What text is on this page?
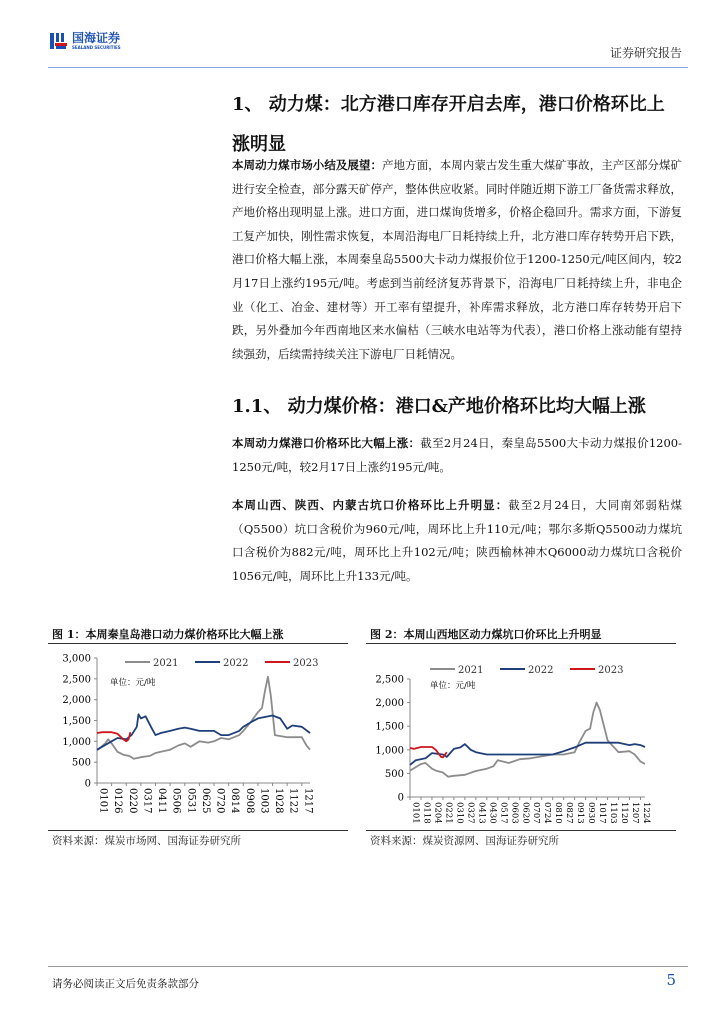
国海证券
SEALAND SECURITIES	证券研究报告
1、 动力煤：北方港口库存开启去库，港口价格环比上涨明显
本周动力煤市场小结及展望：产地方面，本周内蒙古发生重大煤矿事故，主产区部分煤矿进行安全检查，部分露天矿停产，整体供应收紧。同时伴随近期下游工厂备货需求释放，产地价格出现明显上涨。进口方面，进口煤询货增多，价格企稳回升。需求方面，下游复工复产加快，刚性需求恢复，本周沿海电厂日耗持续上升，北方港口库存转势开启下跌，港口价格大幅上涨，本周秦皇岛5500大卡动力煤报价位于1200-1250元/吨区间内，较2月17日上涨约195元/吨。考虑到当前经济复苏背景下，沿海电厂日耗持续上升，非电企业（化工、冶金、建材等）开工率有望提升，补库需求释放，北方港口库存转势开启下跌，另外叠加今年西南地区来水偏枯（三峡水电站等为代表），港口价格上涨动能有望持续强劲，后续需持续关注下游电厂日耗情况。
1.1、 动力煤价格：港口&产地价格环比均大幅上涨
本周动力煤港口价格环比大幅上涨：截至2月24日，秦皇岛5500大卡动力煤报价1200-1250元/吨，较2月17日上涨约195元/吨。
本周山西、陕西、内蒙古坑口价格环比上升明显：截至2月24日，大同南郊弱粘煤（Q5500）坑口含税价为960元/吨，周环比上升110元/吨；鄂尔多斯Q5500动力煤坑口含税价为882元/吨，周环比上升102元/吨；陕西榆林神木Q6000动力煤坑口含税价1056元/吨，周环比上升133元/吨。
图 1：本周秦皇岛港口动力煤价格环比大幅上涨
0
500
1,000
1,500
2,000
2,500
3,000
0101 0126 0220 0317 0411 0506 0531 0625 0720 0814 0908 1003 1028 1122 1217
单位：元/吨
2021	2022	2023
资料来源：煤炭市场网、国海证券研究所
图 2：本周山西地区动力煤坑口价环比上升明显
0
500
1,000
1,500
2,000
2,500
0101 0118 0204 0221 0310 0327 0413 0430 0517 0603 0620 0707 0724 0810 0827 0913 0930 1017 1103 1120 1207 1224
单位：元/吨
2021	2022	2023
资料来源：煤炭资源网、国海证券研究所
请务必阅读正文后免责条款部分	5
